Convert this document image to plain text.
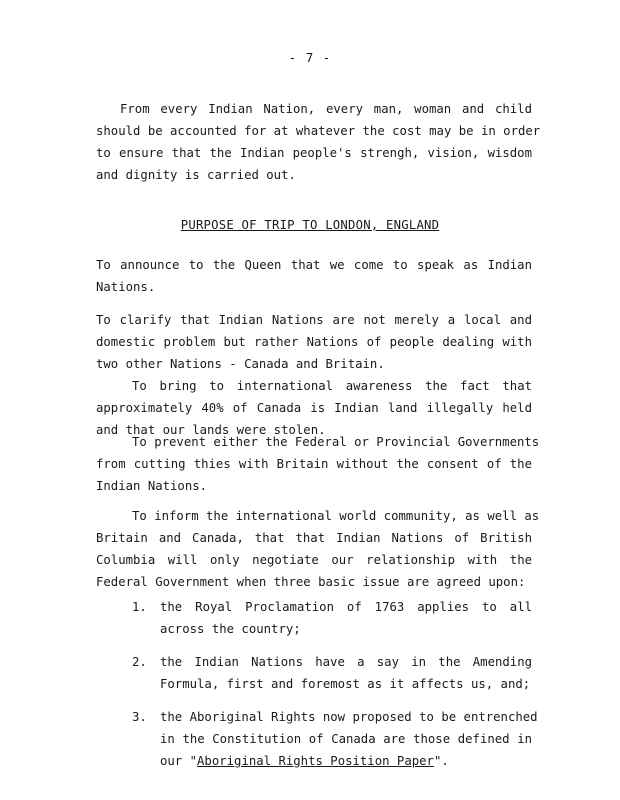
- 7 -
From every Indian Nation, every man, woman and child
should be accounted for at whatever the cost may be in order
to ensure that the Indian people's strengh, vision, wisdom
and dignity is carried out.
PURPOSE OF TRIP TO LONDON, ENGLAND
To announce to the Queen that we come to speak as Indian
Nations.
To clarify that Indian Nations are not merely a local and
domestic problem but rather Nations of people dealing with
two other Nations - Canada and Britain.
To bring to international awareness the fact that
approximately 40% of Canada is Indian land illegally held
and that our lands were stolen.
To prevent either the Federal or Provincial Governments
from cutting thies with Britain without the consent of the
Indian Nations.
To inform the international world community, as well as
Britain and Canada, that that Indian Nations of British
Columbia will only negotiate our relationship with the
Federal Government when three basic issue are agreed upon:
1. the Royal Proclamation of 1763 applies to all
across the country;
2. the Indian Nations have a say in the Amending
Formula, first and foremost as it affects us, and;
3. the Aboriginal Rights now proposed to be entrenched
in the Constitution of Canada are those defined in
our "Aboriginal Rights Position Paper".
